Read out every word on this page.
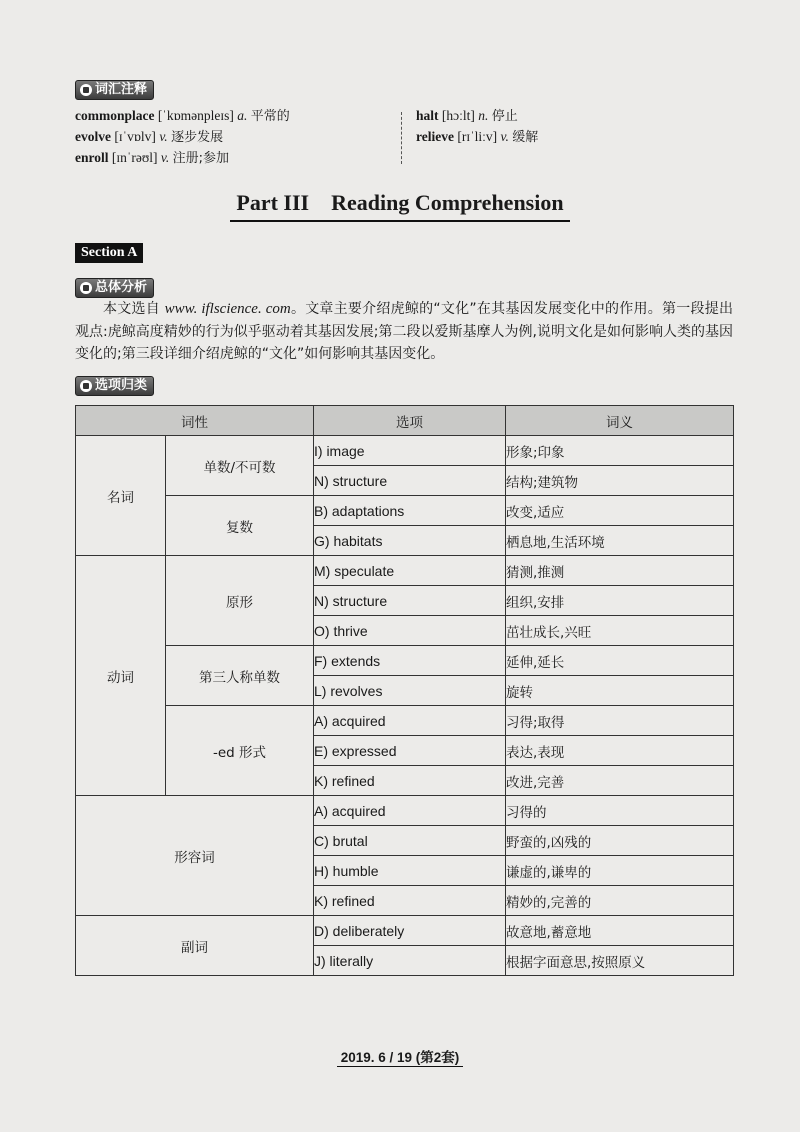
词汇注释
commonplace [ˈkɒmənpleɪs] a. 平常的
evolve [ɪˈvɒlv] v. 逐步发展
enroll [ɪnˈrəʊl] v. 注册;参加
halt [hɔːlt] n. 停止
relieve [rɪˈliːv] v. 缓解
Part III Reading Comprehension
Section A
总体分析
本文选自 www. iflscience. com。文章主要介绍虎鲸的“文化”在其基因发展变化中的作用。第一段提出观点:虎鲸高度精妙的行为似乎驱动着其基因发展;第二段以爱斯基摩人为例,说明文化是如何影响人类的基因变化的;第三段详细介绍虎鲸的“文化”如何影响其基因变化。
选项归类
词性		选项	词义
名词	单数/不可数	I) image	形象;印象
		N) structure	结构;建筑物
	复数	B) adaptations	改变,适应
		G) habitats	栖息地,生活环境
动词	原形	M) speculate	猜测,推测
		N) structure	组织,安排
		O) thrive	茁壮成长,兴旺
	第三人称单数	F) extends	延伸,延长
		L) revolves	旋转
	-ed 形式	A) acquired	习得;取得
		E) expressed	表达,表现
		K) refined	改进,完善
形容词		A) acquired	习得的
		C) brutal	野蛮的,凶残的
		H) humble	谦虚的,谦卑的
		K) refined	精妙的,完善的
副词		D) deliberately	故意地,蓄意地
		J) literally	根据字面意思,按照原义
2019. 6 / 19 (第2套)
